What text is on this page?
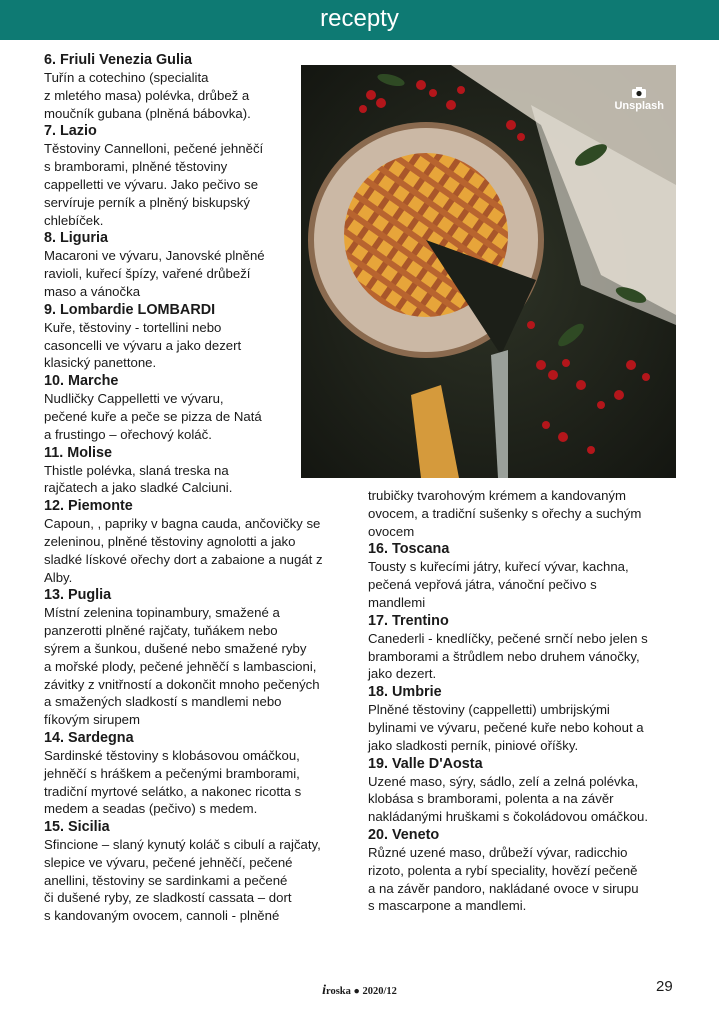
recepty
6. Friuli Venezia Gulia

Tuřín a cotechino (specialita
z mletého masa) polévka, drůbež a
moučník gubana (plněná bábovka).

7. Lazio

Těstoviny Cannelloni, pečené jehněčí
s bramborami, plněné těstoviny
cappelletti ve vývaru. Jako pečivo se
servíruje perník a plněný biskupský
chlebíček.

8. Liguria

Macaroni ve vývaru, Janovské plněné
ravioli, kuřecí špízy, vařené drůbeží
maso a vánočka

9. Lombardie LOMBARDI

Kuře, těstoviny - tortellini nebo
casoncelli ve vývaru a jako dezert
klasický panettone.

10. Marche

Nudličky Cappelletti ve vývaru,
pečené kuře a peče se pizza de Natá
a frustingo – ořechový koláč.

11. Molise

Thistle polévka, slaná treska na
rajčatech a jako sladké Calciuni.

12. Piemonte

Capoun, , papriky v bagna cauda, ančovičky se
zeleninou, plněné těstoviny agnolotti a jako
sladké lískové ořechy dort a zabaione a nugát z
Alby.

13. Puglia

Místní zelenina topinambury, smažené a
panzerotti plněné rajčaty, tuňákem nebo
sýrem a šunkou, dušené nebo smažené ryby
a mořské plody, pečené jehněčí s lambascioni,
závitky z vnitřností a dokončit mnoho pečených
a smažených sladkostí s mandlemi nebo
fíkovým sirupem

14. Sardegna

Sardinské těstoviny s klobásovou omáčkou,
jehněčí s hráškem a pečenými bramborami,
tradiční myrtové selátko, a nakonec ricotta s
medem a seadas (pečivo) s medem.

15. Sicilia

Sfincione – slaný kynutý koláč s cibulí a rajčaty,
slepice ve vývaru, pečené jehněčí, pečené
anellini, těstoviny se sardinkami a pečené
či dušené ryby, ze sladkostí cassata – dort
s kandovaným ovocem, cannoli - plněné

Unsplash

trubičky tvarohovým krémem a kandovaným
ovocem, a tradiční sušenky s ořechy a suchým
ovocem

16. Toscana

Tousty s kuřecími játry, kuřecí vývar, kachna,
pečená vepřová játra, vánoční pečivo s
mandlemi

17. Trentino

Canederli - knedlíčky, pečené srnčí nebo jelen s
bramborami a štrůdlem nebo druhem vánočky,
jako dezert.

18. Umbrie

Plněné těstoviny (cappelletti) umbrijskými
bylinami ve vývaru, pečené kuře nebo kohout a
jako sladkosti perník, piniové oříšky.

19. Valle D'Aosta

Uzené maso, sýry, sádlo, zelí a zelná polévka,
klobása s bramborami, polenta a na závěr
nakládanými hruškami s čokoládovou omáčkou.

20. Veneto

Různé uzené maso, drůbeží vývar, radicchio
rizoto, polenta a rybí speciality, hovězí pečeně
a na závěr pandoro, nakládané ovoce v sirupu
s mascarpone a mandlemi.

iroska ● 2020/12	29
